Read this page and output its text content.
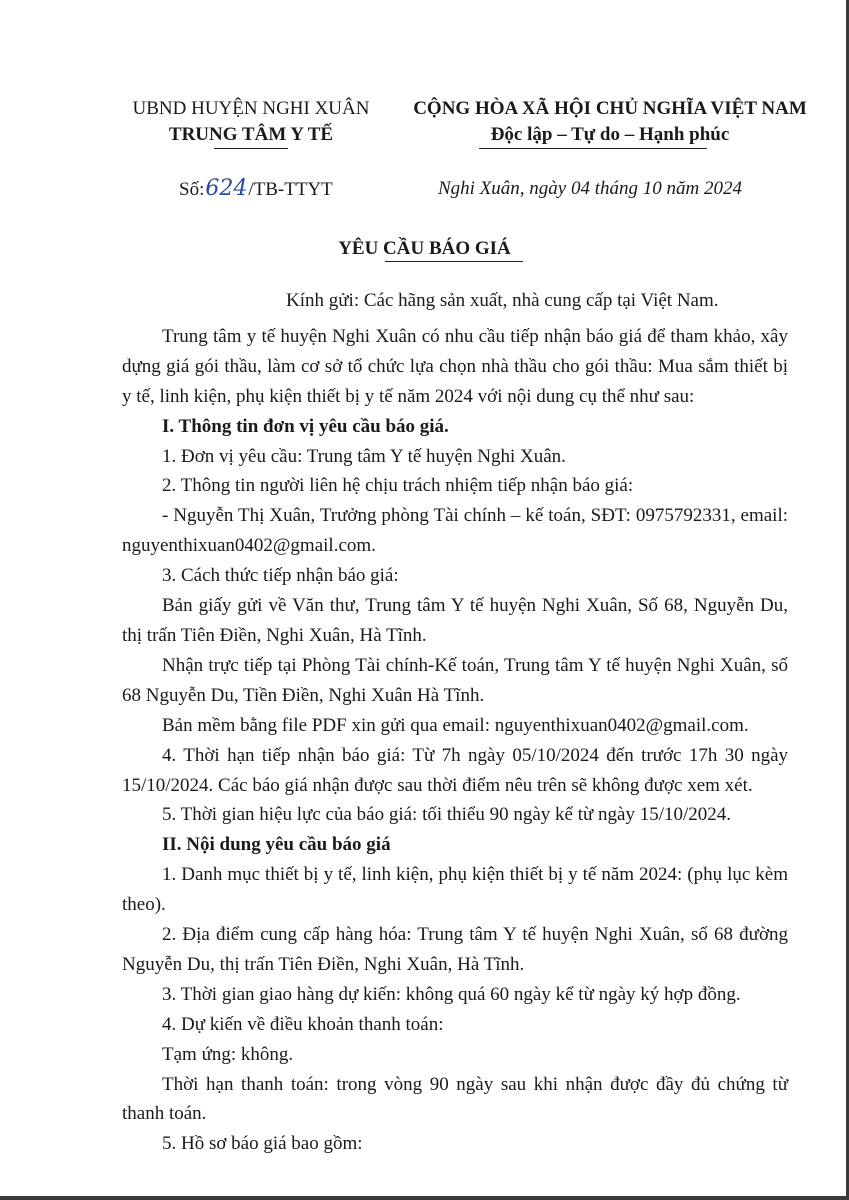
UBND HUYỆN NGHI XUÂN
TRUNG TÂM Y TẾ
CỘNG HÒA XÃ HỘI CHỦ NGHĨA VIỆT NAM
Độc lập – Tự do – Hạnh phúc
Số:624/TB-TTYT	Nghi Xuân, ngày 04 tháng 10 năm 2024
YÊU CẦU BÁO GIÁ

Kính gửi: Các hãng sản xuất, nhà cung cấp tại Việt Nam.

Trung tâm y tế huyện Nghi Xuân có nhu cầu tiếp nhận báo giá để tham khảo, xây dựng giá gói thầu, làm cơ sở tổ chức lựa chọn nhà thầu cho gói thầu: Mua sắm thiết bị y tế, linh kiện, phụ kiện thiết bị y tế năm 2024 với nội dung cụ thể như sau:

I. Thông tin đơn vị yêu cầu báo giá.

1. Đơn vị yêu cầu: Trung tâm Y tế huyện Nghi Xuân.

2. Thông tin người liên hệ chịu trách nhiệm tiếp nhận báo giá:

- Nguyễn Thị Xuân, Trưởng phòng Tài chính – kế toán, SĐT: 0975792331, email: nguyenthixuan0402@gmail.com.

3. Cách thức tiếp nhận báo giá:

Bản giấy gửi về Văn thư, Trung tâm Y tế huyện Nghi Xuân, Số 68, Nguyễn Du, thị trấn Tiên Điền, Nghi Xuân, Hà Tĩnh.

Nhận trực tiếp tại Phòng Tài chính-Kế toán, Trung tâm Y tế huyện Nghi Xuân, số 68 Nguyễn Du, Tiền Điền, Nghi Xuân Hà Tĩnh.

Bản mềm bằng file PDF xin gửi qua email: nguyenthixuan0402@gmail.com.

4. Thời hạn tiếp nhận báo giá: Từ 7h ngày 05/10/2024 đến trước 17h 30 ngày 15/10/2024. Các báo giá nhận được sau thời điểm nêu trên sẽ không được xem xét.

5. Thời gian hiệu lực của báo giá: tối thiểu 90 ngày kể từ ngày 15/10/2024.

II. Nội dung yêu cầu báo giá

1. Danh mục thiết bị y tế, linh kiện, phụ kiện thiết bị y tế năm 2024: (phụ lục kèm theo).

2. Địa điểm cung cấp hàng hóa: Trung tâm Y tế huyện Nghi Xuân, số 68 đường Nguyễn Du, thị trấn Tiên Điền, Nghi Xuân, Hà Tĩnh.

3. Thời gian giao hàng dự kiến: không quá 60 ngày kể từ ngày ký hợp đồng.

4. Dự kiến về điều khoản thanh toán:

Tạm ứng: không.

Thời hạn thanh toán: trong vòng 90 ngày sau khi nhận được đầy đủ chứng từ thanh toán.

5. Hồ sơ báo giá bao gồm:
